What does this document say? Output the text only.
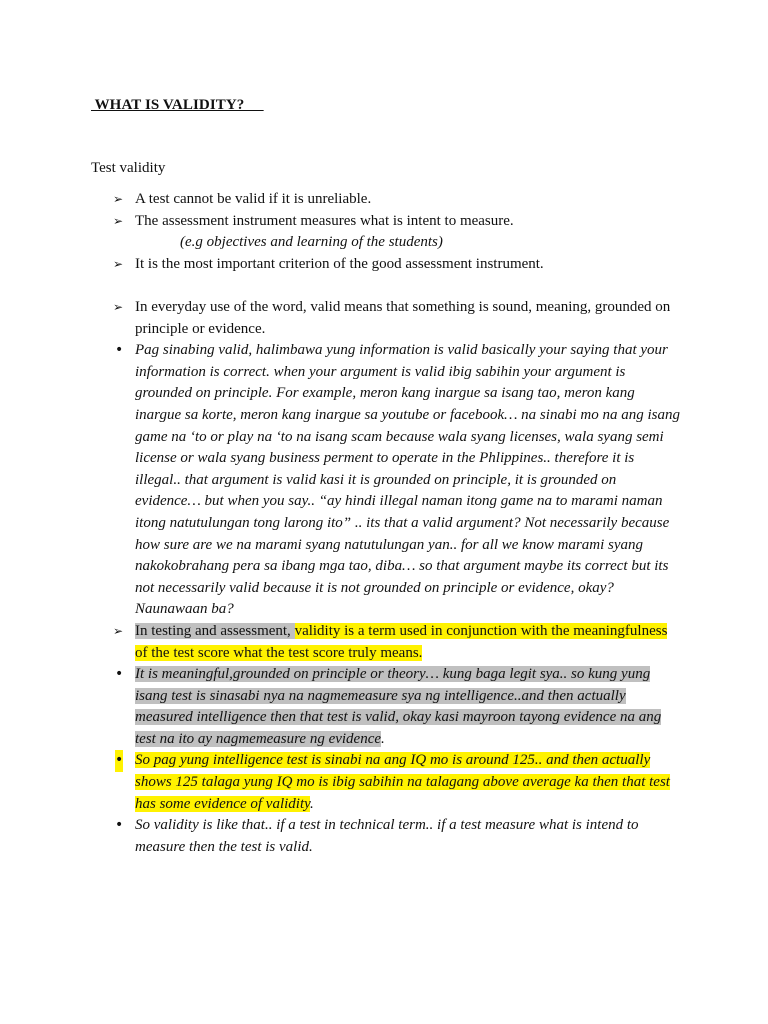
WHAT IS VALIDITY?

Test validity

➢ A test cannot be valid if it is unreliable.
➢ The assessment instrument measures what is intent to measure.
(e.g objectives and learning of the students)
➢ It is the most important criterion of the good assessment instrument.
➢ In everyday use of the word, valid means that something is sound, meaning, grounded on principle or evidence.
• Pag sinabing valid, halimbawa yung information is valid basically your saying that your information is correct. when your argument is valid ibig sabihin your argument is grounded on principle. For example, meron kang inargue sa isang tao, meron kang inargue sa korte, meron kang inargue sa youtube or facebook… na sinabi mo na ang isang game na ‘to or play na ‘to na isang scam because wala syang licenses, wala syang semi license or wala syang business perment to operate in the Phlippines.. therefore it is illegal.. that argument is valid kasi it is grounded on principle, it is grounded on evidence… but when you say.. “ay hindi illegal naman itong game na to marami naman itong natutulungan tong larong ito” .. its that a valid argument? Not necessarily because how sure are we na marami syang natutulungan yan.. for all we know marami syang nakokobrahang pera sa ibang mga tao, diba… so that argument maybe its correct but its not necessarily valid because it is not grounded on principle or evidence, okay? Naunawaan ba?
➢ In testing and assessment, validity is a term used in conjunction with the meaningfulness of the test score what the test score truly means.
• It is meaningful,grounded on principle or theory… kung baga legit sya.. so kung yung isang test is sinasabi nya na nagmemeasure sya ng intelligence..and then actually measured intelligence then that test is valid, okay kasi mayroon tayong evidence na ang test na ito ay nagmemeasure ng evidence.
• So pag yung intelligence test is sinabi na ang IQ mo is around 125.. and then actually shows 125 talaga yung IQ mo is ibig sabihin na talagang above average ka then that test has some evidence of validity.
• So validity is like that.. if a test in technical term.. if a test measure what is intend to measure then the test is valid.
